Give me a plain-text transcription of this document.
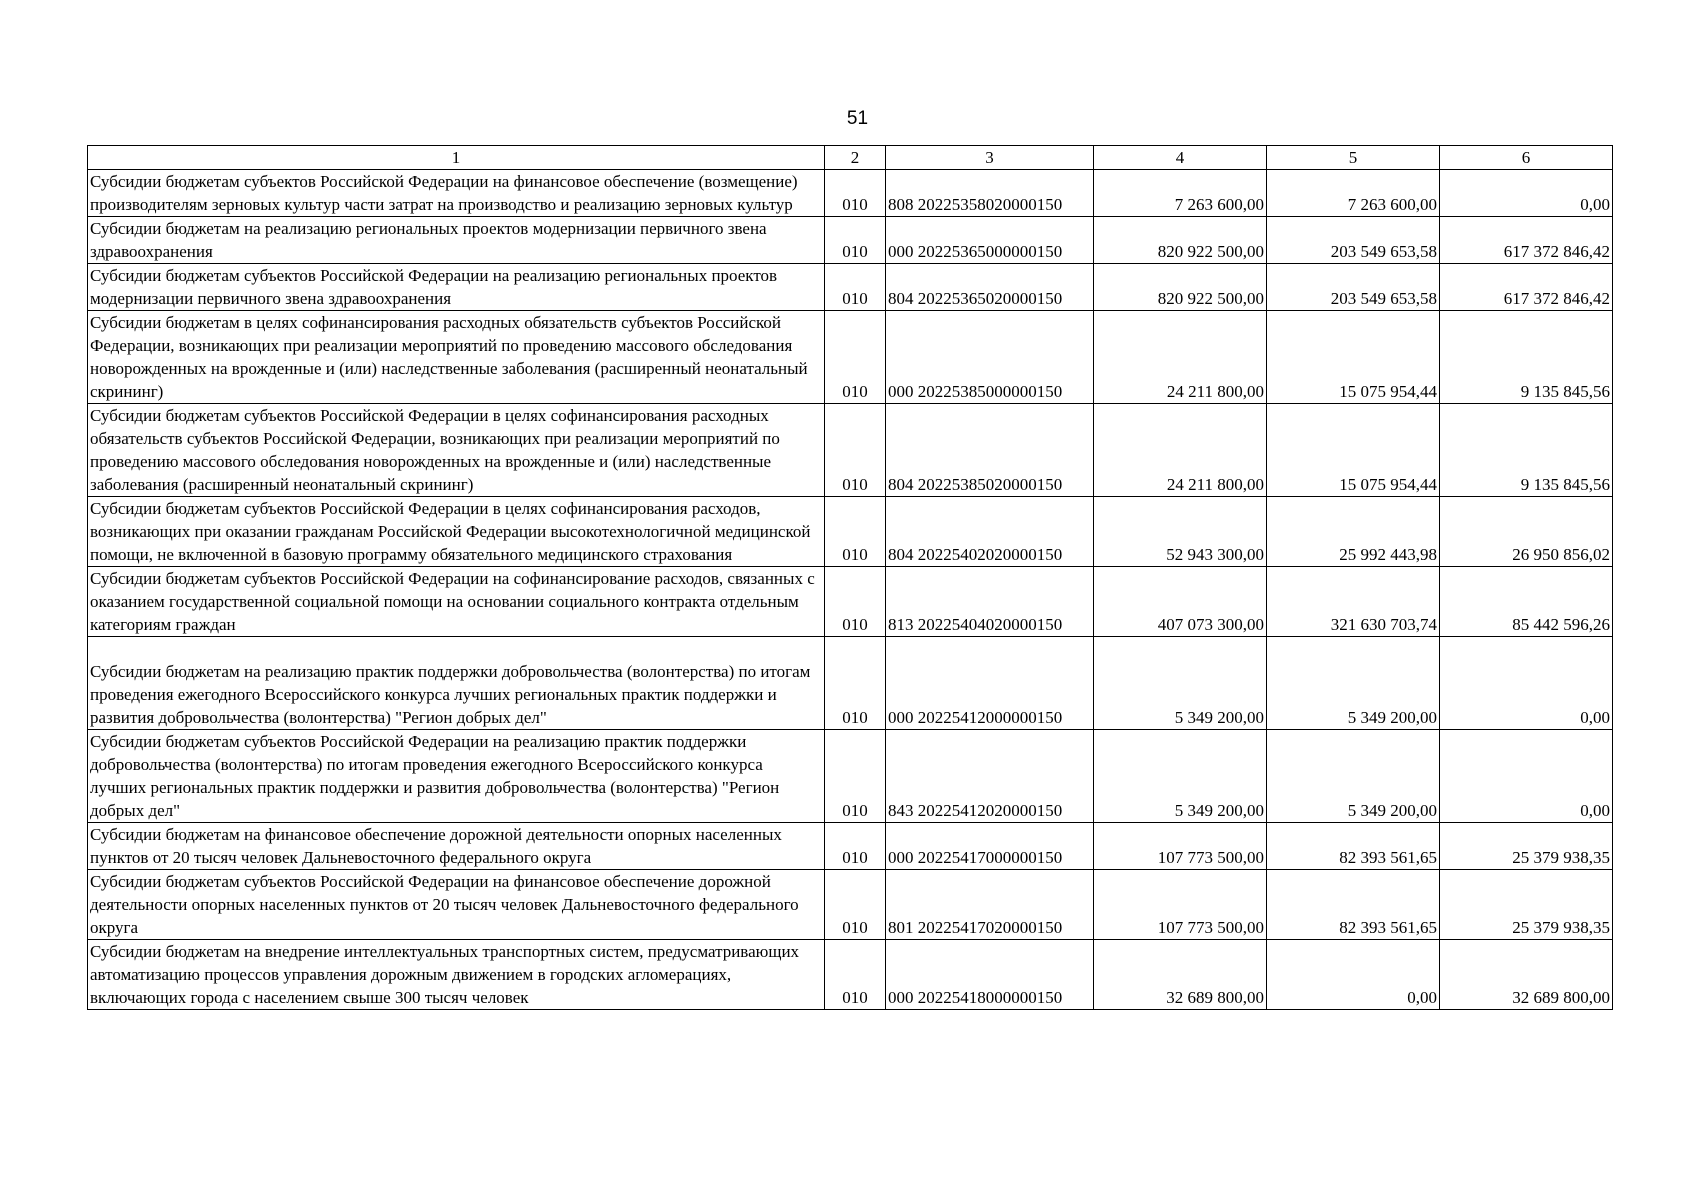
51
1	2	3	4	5	6
Субсидии бюджетам субъектов Российской Федерации на финансовое обеспечение (возмещение) производителям зерновых культур части затрат на производство и реализацию зерновых культур	010	808 20225358020000150	7 263 600,00	7 263 600,00	0,00
Субсидии бюджетам на реализацию региональных проектов модернизации первичного звена здравоохранения	010	000 20225365000000150	820 922 500,00	203 549 653,58	617 372 846,42
Субсидии бюджетам субъектов Российской Федерации на реализацию региональных проектов модернизации первичного звена здравоохранения	010	804 20225365020000150	820 922 500,00	203 549 653,58	617 372 846,42
Субсидии бюджетам в целях софинансирования расходных обязательств субъектов Российской Федерации, возникающих при реализации мероприятий по проведению массового обследования новорожденных на врожденные и (или) наследственные заболевания (расширенный неонатальный скрининг)	010	000 20225385000000150	24 211 800,00	15 075 954,44	9 135 845,56
Субсидии бюджетам субъектов Российской Федерации в целях софинансирования расходных обязательств субъектов Российской Федерации, возникающих при реализации мероприятий по проведению массового обследования новорожденных на врожденные и (или) наследственные заболевания (расширенный неонатальный скрининг)	010	804 20225385020000150	24 211 800,00	15 075 954,44	9 135 845,56
Субсидии бюджетам субъектов Российской Федерации в целях софинансирования расходов, возникающих при оказании гражданам Российской Федерации высокотехнологичной медицинской помощи, не включенной в базовую программу обязательного медицинского страхования	010	804 20225402020000150	52 943 300,00	25 992 443,98	26 950 856,02
Субсидии бюджетам субъектов Российской Федерации на софинансирование расходов, связанных с оказанием государственной социальной помощи на основании социального контракта отдельным категориям граждан	010	813 20225404020000150	407 073 300,00	321 630 703,74	85 442 596,26

Субсидии бюджетам на реализацию практик поддержки добровольчества (волонтерства) по итогам проведения ежегодного Всероссийского конкурса лучших региональных практик поддержки и развития добровольчества (волонтерства) "Регион добрых дел"	010	000 20225412000000150	5 349 200,00	5 349 200,00	0,00
Субсидии бюджетам субъектов Российской Федерации на реализацию практик поддержки добровольчества (волонтерства) по итогам проведения ежегодного Всероссийского конкурса лучших региональных практик поддержки и развития добровольчества (волонтерства) "Регион добрых дел"	010	843 20225412020000150	5 349 200,00	5 349 200,00	0,00
Субсидии бюджетам на финансовое обеспечение дорожной деятельности опорных населенных пунктов от 20 тысяч человек Дальневосточного федерального округа	010	000 20225417000000150	107 773 500,00	82 393 561,65	25 379 938,35
Субсидии бюджетам субъектов Российской Федерации на финансовое обеспечение дорожной деятельности опорных населенных пунктов от 20 тысяч человек Дальневосточного федерального округа	010	801 20225417020000150	107 773 500,00	82 393 561,65	25 379 938,35
Субсидии бюджетам на внедрение интеллектуальных транспортных систем, предусматривающих автоматизацию процессов управления дорожным движением в городских агломерациях, включающих города с населением свыше 300 тысяч человек	010	000 20225418000000150	32 689 800,00	0,00	32 689 800,00
